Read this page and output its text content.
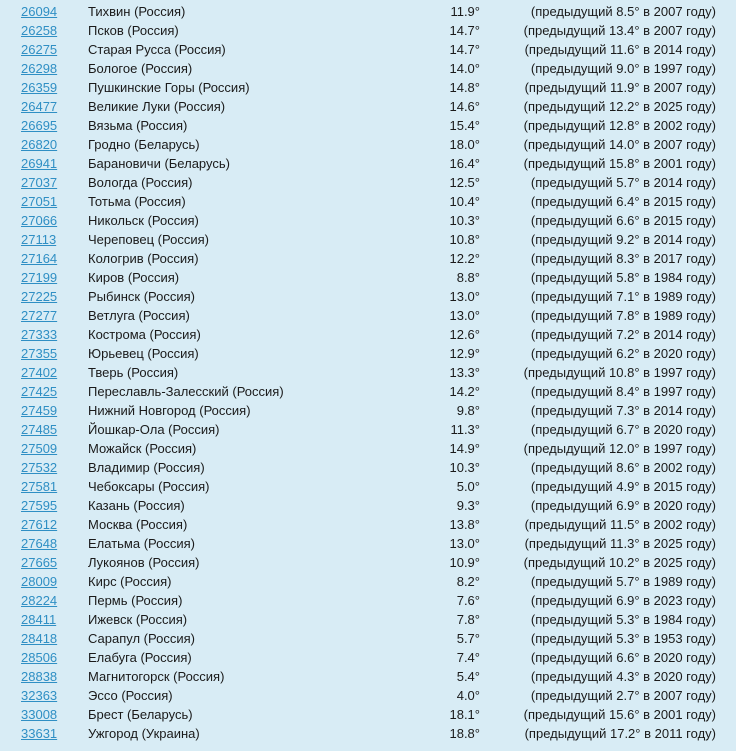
26094	Тихвин (Россия)	11.9°	(предыдущий 8.5° в 2007 году)
26258	Псков (Россия)	14.7°	(предыдущий 13.4° в 2007 году)
26275	Старая Русса (Россия)	14.7°	(предыдущий 11.6° в 2014 году)
26298	Бологое (Россия)	14.0°	(предыдущий 9.0° в 1997 году)
26359	Пушкинские Горы (Россия)	14.8°	(предыдущий 11.9° в 2007 году)
26477	Великие Луки (Россия)	14.6°	(предыдущий 12.2° в 2025 году)
26695	Вязьма (Россия)	15.4°	(предыдущий 12.8° в 2002 году)
26820	Гродно (Беларусь)	18.0°	(предыдущий 14.0° в 2007 году)
26941	Барановичи (Беларусь)	16.4°	(предыдущий 15.8° в 2001 году)
27037	Вологда (Россия)	12.5°	(предыдущий 5.7° в 2014 году)
27051	Тотьма (Россия)	10.4°	(предыдущий 6.4° в 2015 году)
27066	Никольск (Россия)	10.3°	(предыдущий 6.6° в 2015 году)
27113	Череповец (Россия)	10.8°	(предыдущий 9.2° в 2014 году)
27164	Кологрив (Россия)	12.2°	(предыдущий 8.3° в 2017 году)
27199	Киров (Россия)	8.8°	(предыдущий 5.8° в 1984 году)
27225	Рыбинск (Россия)	13.0°	(предыдущий 7.1° в 1989 году)
27277	Ветлуга (Россия)	13.0°	(предыдущий 7.8° в 1989 году)
27333	Кострома (Россия)	12.6°	(предыдущий 7.2° в 2014 году)
27355	Юрьевец (Россия)	12.9°	(предыдущий 6.2° в 2020 году)
27402	Тверь (Россия)	13.3°	(предыдущий 10.8° в 1997 году)
27425	Переславль-Залесский (Россия)	14.2°	(предыдущий 8.4° в 1997 году)
27459	Нижний Новгород (Россия)	9.8°	(предыдущий 7.3° в 2014 году)
27485	Йошкар-Ола (Россия)	11.3°	(предыдущий 6.7° в 2020 году)
27509	Можайск (Россия)	14.9°	(предыдущий 12.0° в 1997 году)
27532	Владимир (Россия)	10.3°	(предыдущий 8.6° в 2002 году)
27581	Чебоксары (Россия)	5.0°	(предыдущий 4.9° в 2015 году)
27595	Казань (Россия)	9.3°	(предыдущий 6.9° в 2020 году)
27612	Москва (Россия)	13.8°	(предыдущий 11.5° в 2002 году)
27648	Елатьма (Россия)	13.0°	(предыдущий 11.3° в 2025 году)
27665	Лукоянов (Россия)	10.9°	(предыдущий 10.2° в 2025 году)
28009	Кирс (Россия)	8.2°	(предыдущий 5.7° в 1989 году)
28224	Пермь (Россия)	7.6°	(предыдущий 6.9° в 2023 году)
28411	Ижевск (Россия)	7.8°	(предыдущий 5.3° в 1984 году)
28418	Сарапул (Россия)	5.7°	(предыдущий 5.3° в 1953 году)
28506	Елабуга (Россия)	7.4°	(предыдущий 6.6° в 2020 году)
28838	Магнитогорск (Россия)	5.4°	(предыдущий 4.3° в 2020 году)
32363	Эссо (Россия)	4.0°	(предыдущий 2.7° в 2007 году)
33008	Брест (Беларусь)	18.1°	(предыдущий 15.6° в 2001 году)
33631	Ужгород (Украина)	18.8°	(предыдущий 17.2° в 2011 году)
